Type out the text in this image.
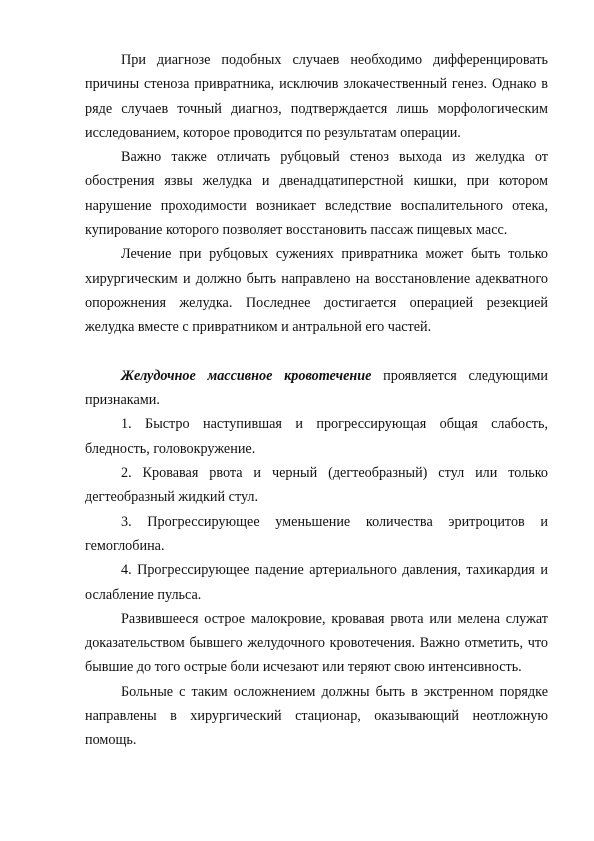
При диагнозе подобных случаев необходимо дифференцировать причины стеноза привратника, исключив злокачественный генез. Однако в ряде случаев точный диагноз, подтверждается лишь морфологическим исследованием, которое проводится по результатам операции.

Важно также отличать рубцовый стеноз выхода из желудка от обострения язвы желудка и двенадцатиперстной кишки, при котором нарушение проходимости возникает вследствие воспалительного отека, купирование которого позволяет восстановить пассаж пищевых масс.

Лечение при рубцовых сужениях привратника может быть только хирургическим и должно быть направлено на восстановление адекватного опорожнения желудка. Последнее достигается операцией резекцией желудка вместе с привратником и антральной его частей.

Желудочное массивное кровотечение проявляется следующими признаками.

1. Быстро наступившая и прогрессирующая общая слабость, бледность, головокружение.

2. Кровавая рвота и черный (дегтеобразный) стул или только дегтеобразный жидкий стул.

3. Прогрессирующее уменьшение количества эритроцитов и гемоглобина.

4. Прогрессирующее падение артериального давления, тахикардия и ослабление пульса.

Развившееся острое малокровие, кровавая рвота или мелена служат доказательством бывшего желудочного кровотечения. Важно отметить, что бывшие до того острые боли исчезают или теряют свою интенсивность.

Больные с таким осложнением должны быть в экстренном порядке направлены в хирургический стационар, оказывающий неотложную помощь.
